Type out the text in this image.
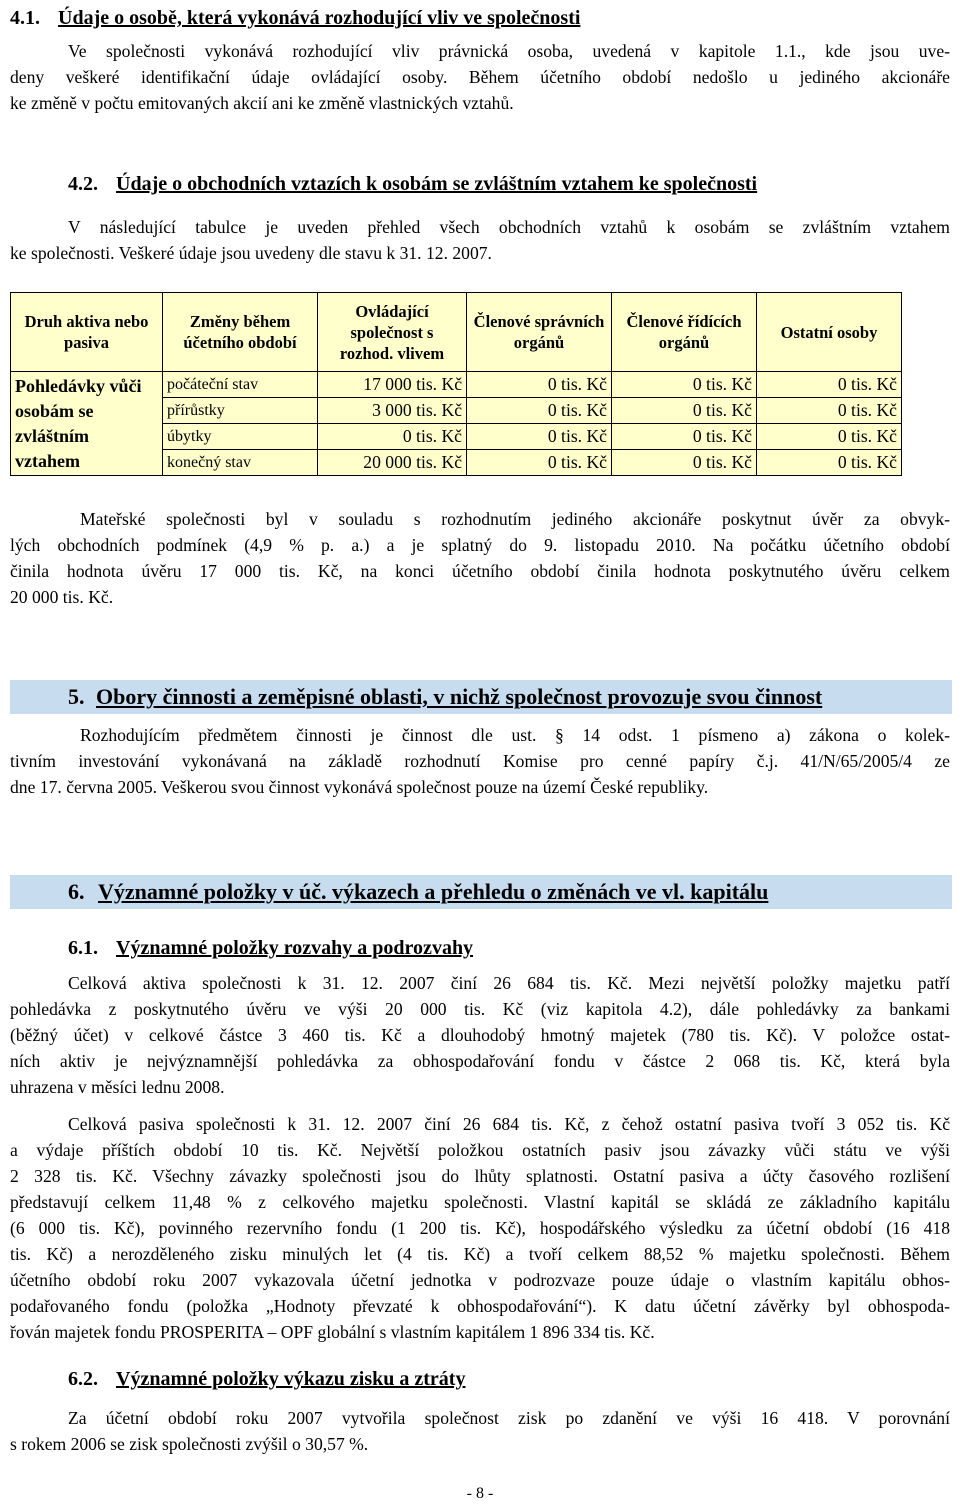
4.1. Údaje o osobě, která vykonává rozhodující vliv ve společnosti
Ve společnosti vykonává rozhodující vliv právnická osoba, uvedená v kapitole 1.1., kde jsou uve-
deny veškeré identifikační údaje ovládající osoby. Během účetního období nedošlo u jediného akcionáře
ke změně v počtu emitovaných akcií ani ke změně vlastnických vztahů.
4.2. Údaje o obchodních vztazích k osobám se zvláštním vztahem ke společnosti
V následující tabulce je uveden přehled všech obchodních vztahů k osobám se zvláštním vztahem
ke společnosti. Veškeré údaje jsou uvedeny dle stavu k 31. 12. 2007.
Druh aktiva nebo pasiva	Změny během účetního období	Ovládající společnost s rozhod. vlivem	Členové správních orgánů	Členové řídících orgánů	Ostatní osoby
Pohledávky vůči osobám se zvláštním vztahem	počáteční stav	17 000 tis. Kč	0 tis. Kč	0 tis. Kč	0 tis. Kč
	přírůstky	3 000 tis. Kč	0 tis. Kč	0 tis. Kč	0 tis. Kč
	úbytky	0 tis. Kč	0 tis. Kč	0 tis. Kč	0 tis. Kč
	konečný stav	20 000 tis. Kč	0 tis. Kč	0 tis. Kč	0 tis. Kč
Mateřské společnosti byl v souladu s rozhodnutím jediného akcionáře poskytnut úvěr za obvyk-
lých obchodních podmínek (4,9 % p. a.) a je splatný do 9. listopadu 2010. Na počátku účetního období
činila hodnota úvěru 17 000 tis. Kč, na konci účetního období činila hodnota poskytnutého úvěru celkem
20 000 tis. Kč.
5. Obory činnosti a zeměpisné oblasti, v nichž společnost provozuje svou činnost
Rozhodujícím předmětem činnosti je činnost dle ust. § 14 odst. 1 písmeno a) zákona o kolek-
tivním investování vykonávaná na základě rozhodnutí Komise pro cenné papíry č.j. 41/N/65/2005/4 ze
dne 17. června 2005. Veškerou svou činnost vykonává společnost pouze na území České republiky.
6. Významné položky v úč. výkazech a přehledu o změnách ve vl. kapitálu
6.1. Významné položky rozvahy a podrozvahy
Celková aktiva společnosti k 31. 12. 2007 činí 26 684 tis. Kč. Mezi největší položky majetku patří
pohledávka z poskytnutého úvěru ve výši 20 000 tis. Kč (viz kapitola 4.2), dále pohledávky za bankami
(běžný účet) v celkové částce 3 460 tis. Kč a dlouhodobý hmotný majetek (780 tis. Kč). V položce ostat-
ních aktiv je nejvýznamnější pohledávka za obhospodařování fondu v částce 2 068 tis. Kč, která byla
uhrazena v měsíci lednu 2008.
Celková pasiva společnosti k 31. 12. 2007 činí 26 684 tis. Kč, z čehož ostatní pasiva tvoří 3 052 tis. Kč
a výdaje příštích období 10 tis. Kč. Největší položkou ostatních pasiv jsou závazky vůči státu ve výši
2 328 tis. Kč. Všechny závazky společnosti jsou do lhůty splatnosti. Ostatní pasiva a účty časového rozlišení
představují celkem 11,48 % z celkového majetku společnosti. Vlastní kapitál se skládá ze základního kapitálu
(6 000 tis. Kč), povinného rezervního fondu (1 200 tis. Kč), hospodářského výsledku za účetní období (16 418
tis. Kč) a nerozděleného zisku minulých let (4 tis. Kč) a tvoří celkem 88,52 % majetku společnosti. Během
účetního období roku 2007 vykazovala účetní jednotka v podrozvaze pouze údaje o vlastním kapitálu obhos-
podařovaného fondu (položka „Hodnoty převzaté k obhospodařování“). K datu účetní závěrky byl obhospoda-
řován majetek fondu PROSPERITA – OPF globální s vlastním kapitálem 1 896 334 tis. Kč.
6.2. Významné položky výkazu zisku a ztráty
Za účetní období roku 2007 vytvořila společnost zisk po zdanění ve výši 16 418. V porovnání
s rokem 2006 se zisk společnosti zvýšil o 30,57 %.
- 8 -
